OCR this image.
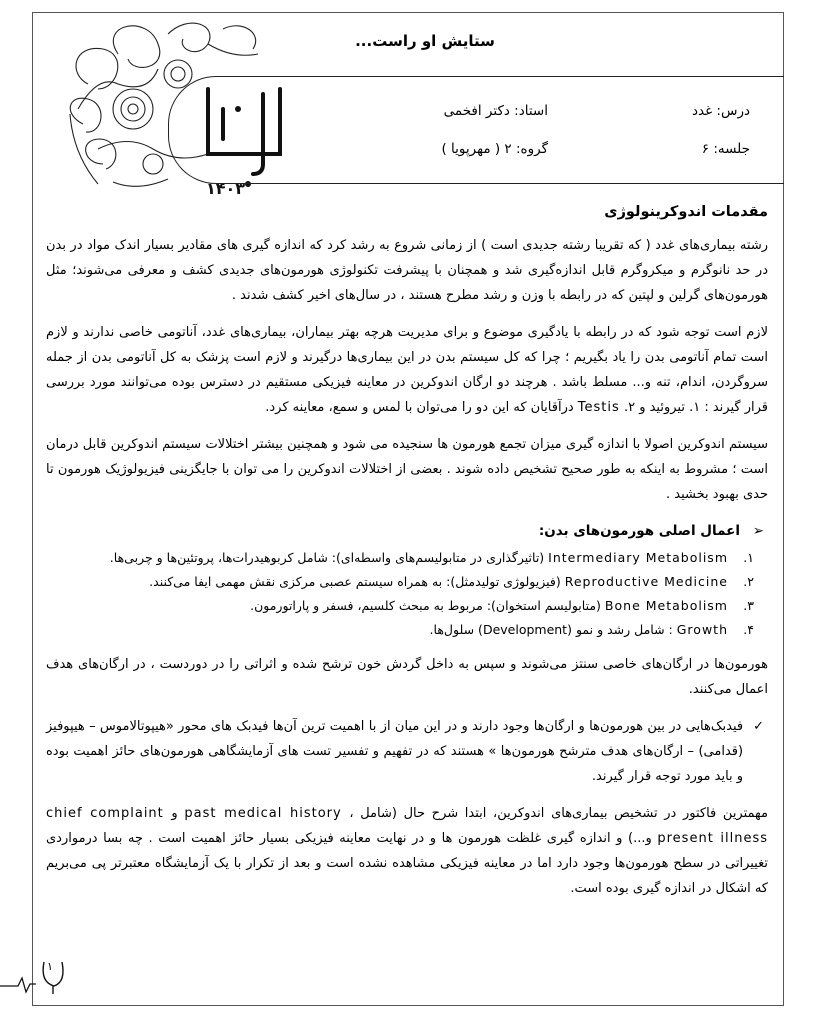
۱۴۰۳
ستایش او راست...
درس: غدد
استاد: دکتر افخمی
جلسه: ۶
گروه: ۲ ( مهرپویا )
مقدمات اندوکرینولوژی

رشته بیماری‌های غدد ( که تقریبا رشته جدیدی است ) از زمانی شروع به رشد کرد که اندازه گیری های مقادیر بسیار اندک مواد در بدن در حد نانوگرم و میکروگرم قابل اندازه‌گیری شد و همچنان با پیشرفت تکنولوژی هورمون‌های جدیدی کشف و معرفی می‌شوند؛ مثل هورمون‌های گرلین و لپتین که در رابطه با وزن و رشد مطرح هستند ، در سال‌های اخیر کشف شدند .

لازم است توجه شود که در رابطه با یادگیری موضوع و برای مدیریت هرچه بهتر بیماران، بیماری‌های غدد، آناتومی خاصی ندارند و لازم است تمام آناتومی بدن را یاد بگیریم ؛ چرا که کل سیستم بدن در این بیماری‌ها درگیرند و لازم است پزشک به کل آناتومی بدن از جمله سروگردن، اندام، تنه و... مسلط باشد . هرچند دو ارگان اندوکرین در معاینه فیزیکی مستقیم در دسترس بوده می‌توانند مورد بررسی قرار گیرند : ۱. تیروئید و ۲. Testis درآقایان که این دو را می‌توان با لمس و سمع، معاینه کرد.

سیستم اندوکرین اصولا با اندازه گیری میزان تجمع هورمون ها سنجیده می شود و همچنین بیشتر اختلالات سیستم اندوکرین قابل درمان است ؛ مشروط به اینکه به طور صحیح تشخیص داده شوند . بعضی از اختلالات اندوکرین را می توان با جایگزینی فیزیولوژیک هورمون تا حدی بهبود بخشید .

➢ اعمال اصلی هورمون‌های بدن:
۱.
Intermediary Metabolism (تاثیرگذاری در متابولیسم‌های واسطه‌ای): شامل کربوهیدرات‌ها، پروتئین‌ها و چربی‌ها.
۲.
Reproductive Medicine (فیزیولوژی تولیدمثل): به همراه سیستم عصبی مرکزی نقش مهمی ایفا می‌کنند.
۳.
Bone Metabolism (متابولیسم استخوان): مربوط به مبحث کلسیم، فسفر و پاراتورمون.
۴.
Growth : شامل رشد و نمو (Development) سلول‌ها.

هورمون‌ها در ارگان‌های خاصی سنتز می‌شوند و سپس به داخل گردش خون ترشح شده و اثراتی را در دوردست ، در ارگان‌های هدف اعمال می‌کنند.

✓
فیدبک‌هایی در بین هورمون‌ها و ارگان‌ها وجود دارند و در این میان از با اهمیت ترین آن‌ها فیدبک های محور «هیپوتالاموس – هیپوفیز (قدامی) – ارگان‌های هدف مترشح هورمون‌ها » هستند که در تفهیم و تفسیر تست های آزمایشگاهی هورمون‌های حائز اهمیت بوده و باید مورد توجه قرار گیرند.

مهمترین فاکتور در تشخیص بیماری‌های اندوکرین، ابتدا شرح حال (شامل chief complaint و past medical history ، present illness و...) و اندازه گیری غلظت هورمون ها و در نهایت معاینه فیزیکی بسیار حائز اهمیت است . چه بسا درمواردی تغییراتی در سطح هورمون‌ها وجود دارد اما در معاینه فیزیکی مشاهده نشده است و بعد از تکرار با یک آزمایشگاه معتبرتر پی می‌بریم که اشکال در اندازه گیری بوده است.

۱
